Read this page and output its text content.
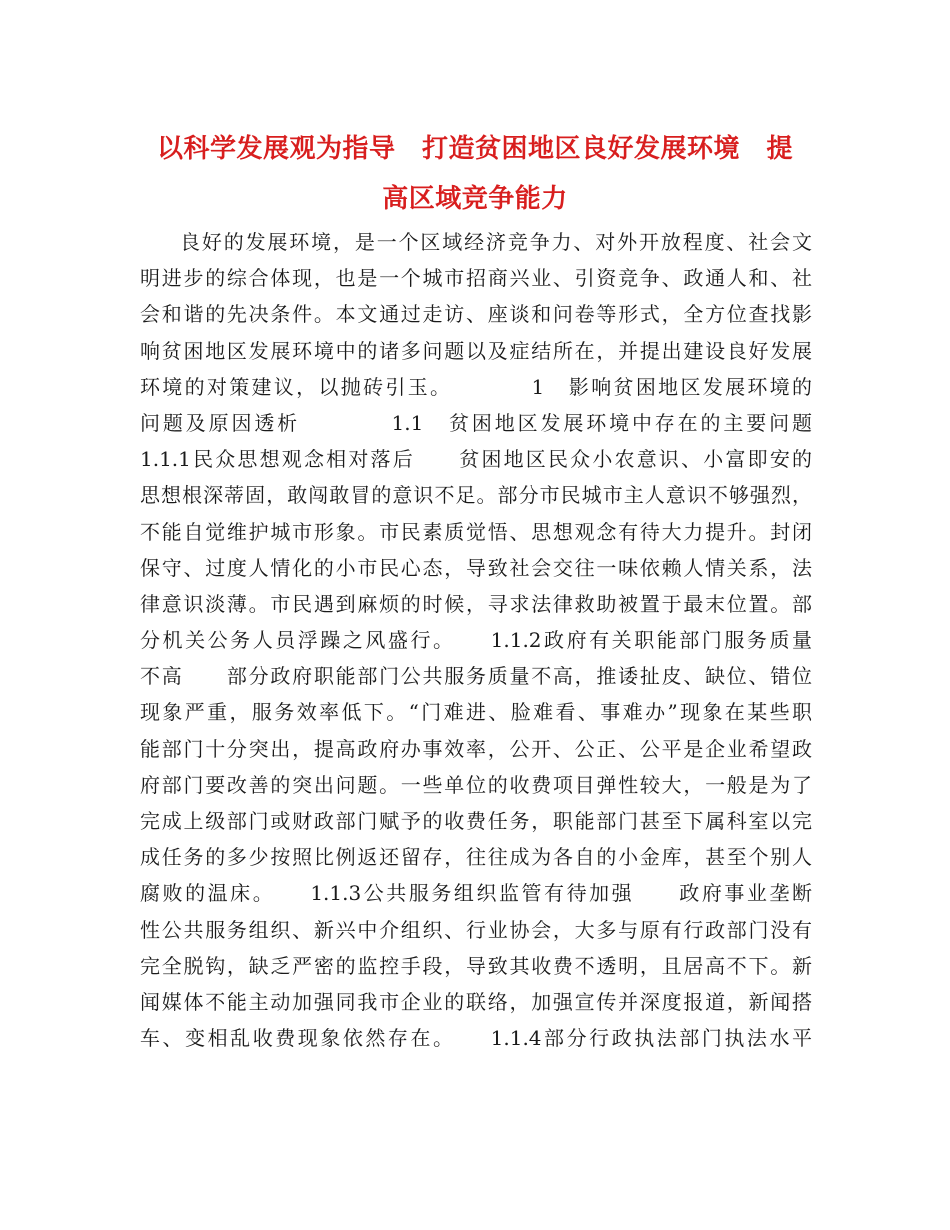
以科学发展观为指导　打造贫困地区良好发展环境　提
高区域竞争能力
良好的发展环境，是一个区域经济竞争力、对外开放程度、社会文
明进步的综合体现，也是一个城市招商兴业、引资竞争、政通人和、社
会和谐的先决条件。本文通过走访、座谈和问卷等形式，全方位查找影
响贫困地区发展环境中的诸多问题以及症结所在，并提出建设良好发展
环境的对策建议，以抛砖引玉。　　　　1　影响贫困地区发展环境的
问题及原因透析　　　　1.1　贫困地区发展环境中存在的主要问题
1.1.1民众思想观念相对落后　　贫困地区民众小农意识、小富即安的
思想根深蒂固，敢闯敢冒的意识不足。部分市民城市主人意识不够强烈，
不能自觉维护城市形象。市民素质觉悟、思想观念有待大力提升。封闭
保守、过度人情化的小市民心态，导致社会交往一味依赖人情关系，法
律意识淡薄。市民遇到麻烦的时候，寻求法律救助被置于最末位置。部
分机关公务人员浮躁之风盛行。　　1.1.2政府有关职能部门服务质量
不高　　部分政府职能部门公共服务质量不高，推诿扯皮、缺位、错位
现象严重，服务效率低下。“门难进、脸难看、事难办”现象在某些职
能部门十分突出，提高政府办事效率，公开、公正、公平是企业希望政
府部门要改善的突出问题。一些单位的收费项目弹性较大，一般是为了
完成上级部门或财政部门赋予的收费任务，职能部门甚至下属科室以完
成任务的多少按照比例返还留存，往往成为各自的小金库，甚至个别人
腐败的温床。　　1.1.3公共服务组织监管有待加强　　政府事业垄断
性公共服务组织、新兴中介组织、行业协会，大多与原有行政部门没有
完全脱钩，缺乏严密的监控手段，导致其收费不透明，且居高不下。新
闻媒体不能主动加强同我市企业的联络，加强宣传并深度报道，新闻搭
车、变相乱收费现象依然存在。　　1.1.4部分行政执法部门执法水平
